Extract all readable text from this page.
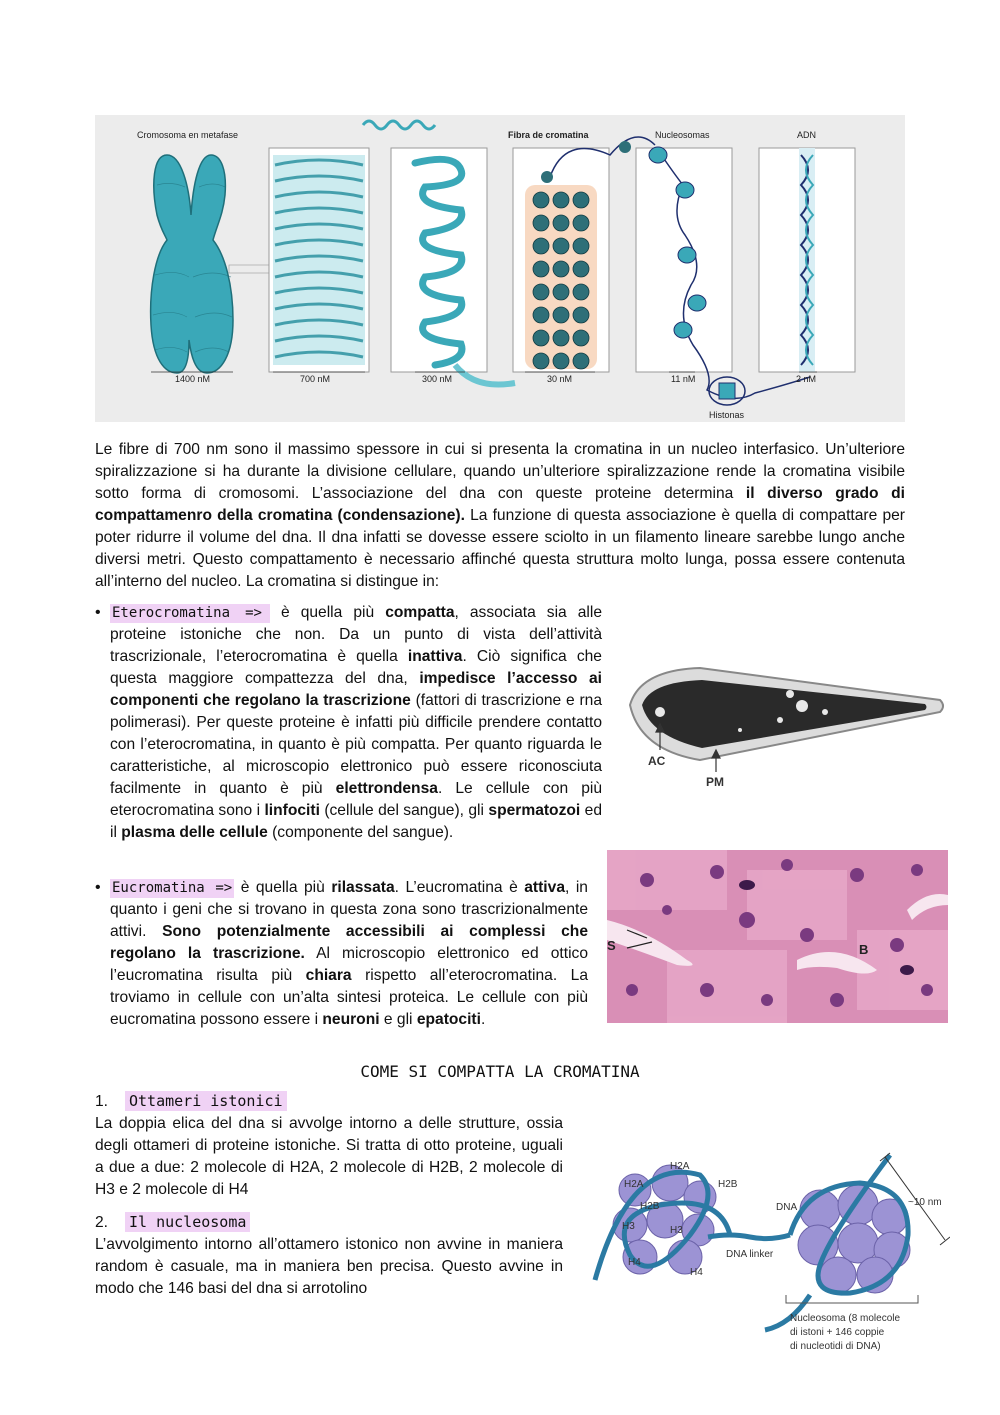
Cromosoma en metafase	Fibra de cromatina	Nucleosomas	ADN
Histonas
1400 nM	700 nM	300 nM	30 nM	11 nM	2 nM
Le fibre di 700 nm sono il massimo spessore in cui si presenta la cromatina in un nucleo interfasico. Un’ulteriore spiralizzazione si ha durante la divisione cellulare, quando un’ulteriore spiralizzazione rende la cromatina visibile sotto forma di cromosomi. L’associazione del dna con queste proteine determina il diverso grado di compattamenro della cromatina (condensazione). La funzione di questa associazione è quella di compattare per poter ridurre il volume del dna. Il dna infatti se dovesse essere sciolto in un filamento lineare sarebbe lungo anche diversi metri. Questo compattamento è necessario affinché questa struttura molto lunga, possa essere contenuta all’interno del nucleo. La cromatina si distingue in:
• Eterocromatina => è quella più compatta, associata sia alle proteine istoniche che non. Da un punto di vista dell’attività trascrizionale, l’eterocromatina è quella inattiva. Ciò significa che questa maggiore compattezza del dna, impedisce l’accesso ai componenti che regolano la trascrizione (fattori di trascrizione e rna polimerasi). Per queste proteine è infatti più difficile prendere contatto con l’eterocromatina, in quanto è più compatta. Per quanto riguarda le caratteristiche, al microscopio elettronico può essere riconosciuta facilmente in quanto è più elettrondensa. Le cellule con più eterocromatina sono i linfociti (cellule del sangue), gli spermatozoi ed il plasma delle cellule (componente del sangue).
AC
PM
• Eucromatina => è quella più rilassata. L’eucromatina è attiva, in quanto i geni che si trovano in questa zona sono trascrizionalmente attivi. Sono potenzialmente accessibili ai complessi che regolano la trascrizione. Al microscopio elettronico ed ottico l’eucromatina risulta più chiara rispetto all’eterocromatina. La troviamo in cellule con un’alta sintesi proteica. Le cellule con più eucromatina possono essere i neuroni e gli epatociti.
S	B
COME SI COMPATTA LA CROMATINA
1. Ottameri istonici
La doppia elica del dna si avvolge intorno a delle strutture, ossia degli ottameri di proteine istoniche. Si tratta di otto proteine, uguali a due a due: 2 molecole di H2A, 2 molecole di H2B, 2 molecole di H3 e 2 molecole di H4
2. Il nucleosoma
L’avvolgimento intorno all’ottamero istonico non avvine in maniera random è casuale, ma in maniera ben precisa. Questo avvine in modo che 146 basi del dna si arrotolino
H2A
H2B
H2A
H2B
H3	H3
H4
H4
DNA	~10 nm
DNA linker
Nucleosoma (8 molecole
di istoni + 146 coppie
di nucleotidi di DNA)
